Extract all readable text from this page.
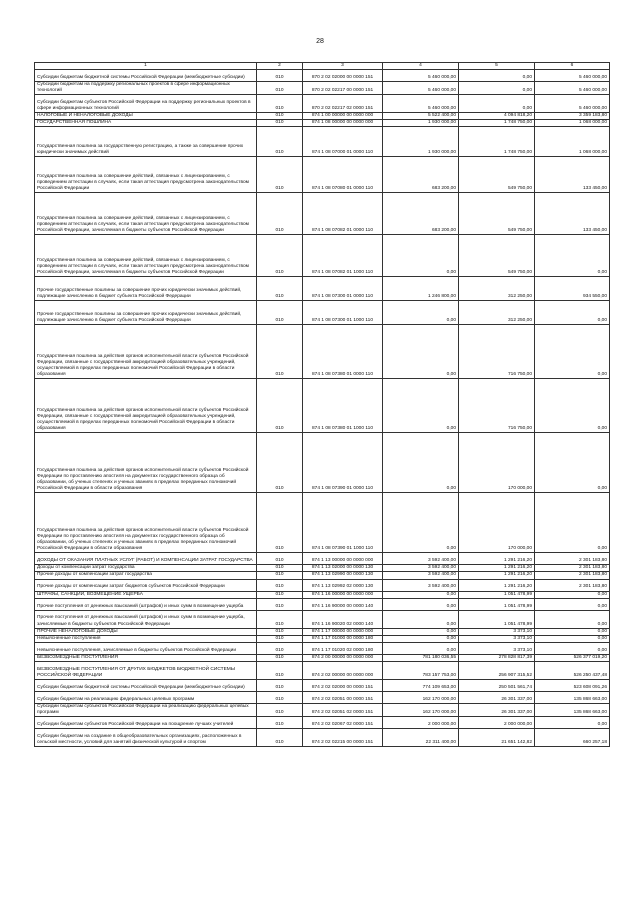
28
1	2	3	4	5	6
Субсидии бюджетам бюджетной системы Российской Федерации (межбюджетные субсидии)	010	870 2 02 02000 00 0000 151	5 460 000,00	0,00	5 460 000,00
Субсидии бюджетам на поддержку региональных проектов в сфере информационных технологий	010	870 2 02 02217 00 0000 151	5 460 000,00	0,00	5 460 000,00
Субсидии бюджетам субъектов Российской Федерации на поддержку региональных проектов в сфере информационных технологий	010	870 2 02 02217 02 0000 151	5 460 000,00	0,00	5 460 000,00
НАЛОГОВЫЕ И НЕНАЛОГОВЫЕ ДОХОДЫ	010	874 1 00 00000 00 0000 000	5 522 400,00	4 094 818,20	3 359 183,80
ГОСУДАРСТВЕННАЯ ПОШЛИНА	010	874 1 08 00000 00 0000 000	1 930 000,00	1 748 750,00	1 068 000,00
Государственная пошлина за государственную регистрацию, а также за совершение прочих юридически значимых действий	010	874 1 08 07000 01 0000 110	1 930 000,00	1 748 750,00	1 068 000,00
Государственная пошлина за совершение действий, связанных с лицензированием, с проведением аттестации в случаях, если такая аттестация предусмотрена законодательством Российской Федерации	010	874 1 08 07080 01 0000 110	683 200,00	549 750,00	133 450,00
Государственная пошлина за совершение действий, связанных с лицензированием, с проведением аттестации в случаях, если такая аттестация предусмотрена законодательством Российской Федерации, зачисляемая в бюджеты субъектов Российской Федерации	010	874 1 08 07082 01 0000 110	683 200,00	549 750,00	133 450,00
Государственная пошлина за совершение действий, связанных с лицензированием, с проведением аттестации в случаях, если такая аттестация предусмотрена законодательством Российской Федерации, зачисляемая в бюджеты субъектов Российской Федерации	010	874 1 08 07082 01 1000 110	0,00	549 750,00	0,00
Прочие государственные пошлины за совершение прочих юридически значимых действий, подлежащие зачислению в бюджет субъекта Российской Федерации	010	874 1 08 07300 01 0000 110	1 246 800,00	312 250,00	934 550,00
Прочие государственные пошлины за совершение прочих юридически значимых действий, подлежащие зачислению в бюджет субъекта Российской Федерации	010	874 1 08 07300 01 1000 110	0,00	312 250,00	0,00
Государственная пошлина за действия органов исполнительной власти субъектов Российской Федерации, связанные с государственной аккредитацией образовательных учреждений, осуществляемой в пределах переданных полномочий Российской Федерации в области образования	010	874 1 08 07380 01 0000 110	0,00	716 750,00	0,00
Государственная пошлина за действия органов исполнительной власти субъектов Российской Федерации, связанные с государственной аккредитацией образовательных учреждений, осуществляемой в пределах переданных полномочий Российской Федерации в области образования	010	874 1 08 07380 01 1000 110	0,00	716 750,00	0,00
Государственная пошлина за действия органов исполнительной власти субъектов Российской Федерации по проставлению апостиля на документах государственного образца об образовании, об ученых степенях и ученых званиях в пределах переданных полномочий Российской Федерации в области образования	010	874 1 08 07390 01 0000 110	0,00	170 000,00	0,00
Государственная пошлина за действия органов исполнительной власти субъектов Российской Федерации по проставлению апостиля на документах государственного образца об образовании, об ученых степенях и ученых званиях в пределах переданных полномочий Российской Федерации в области образования	010	874 1 08 07390 01 1000 110	0,00	170 000,00	0,00
ДОХОДЫ ОТ ОКАЗАНИЯ ПЛАТНЫХ УСЛУГ (РАБОТ) И КОМПЕНСАЦИИ ЗАТРАТ ГОСУДАРСТВА	010	874 1 13 00000 00 0000 000	3 592 400,00	1 291 216,20	2 301 183,80
Доходы от компенсации затрат государства	010	874 1 13 02000 00 0000 130	3 592 400,00	1 291 216,20	2 301 183,80
Прочие доходы от компенсации затрат государства	010	874 1 13 02990 00 0000 130	3 592 400,00	1 291 216,20	2 301 183,80
Прочие доходы от компенсации затрат бюджетов субъектов Российской Федерации	010	874 1 13 02992 02 0000 130	3 592 400,00	1 291 216,20	2 301 183,80
ШТРАФЫ, САНКЦИИ, ВОЗМЕЩЕНИЕ УЩЕРБА	010	874 1 16 00000 00 0000 000	0,00	1 051 478,99	0,00
Прочие поступления от денежных взысканий (штрафов) и иных сумм в возмещение ущерба	010	874 1 16 90000 00 0000 140	0,00	1 051 478,99	0,00
Прочие поступления от денежных взысканий (штрафов) и иных сумм в возмещение ущерба, зачисляемые в бюджеты субъектов Российской Федерации	010	874 1 16 90020 02 0000 140	0,00	1 051 478,99	0,00
ПРОЧИЕ НЕНАЛОГОВЫЕ ДОХОДЫ	010	874 1 17 00000 00 0000 000	0,00	3 373,10	0,00
Невыясненные поступления	010	874 1 17 01000 00 0000 180	0,00	3 373,10	0,00
Невыясненные поступления, зачисляемые в бюджеты субъектов Российской Федерации	010	874 1 17 01020 02 0000 180	0,00	3 373,10	0,00
БЕЗВОЗМЕЗДНЫЕ ПОСТУПЛЕНИЯ	010	874 2 00 00000 00 0000 000	781 180 036,55	278 828 817,39	526 377 019,20
БЕЗВОЗМЕЗДНЫЕ ПОСТУПЛЕНИЯ ОТ ДРУГИХ БЮДЖЕТОВ БЮДЖЕТНОЙ СИСТЕМЫ РОССИЙСКОЙ ФЕДЕРАЦИИ	010	874 2 02 00000 00 0000 000	783 157 753,00	256 907 315,52	526 250 437,48
Субсидии бюджетам бюджетной системы Российской Федерации (межбюджетные субсидии)	010	874 2 02 02000 00 0000 151	774 109 653,00	250 501 561,74	523 608 091,26
Субсидии бюджетам на реализацию федеральных целевых программ	010	874 2 02 02051 00 0000 151	162 170 000,00	26 301 337,00	135 868 663,00
Субсидии бюджетам субъектов Российской Федерации на реализацию федеральных целевых программ	010	874 2 02 02051 02 0000 151	162 170 000,00	26 301 337,00	135 868 663,00
Субсидии бюджетам субъектов Российской Федерации на поощрение лучших учителей	010	874 2 02 02067 02 0000 151	2 000 000,00	2 000 000,00	0,00
Субсидии бюджетам на создание в общеобразовательных организациях, расположенных в сельской местности, условий для занятий физической культурой и спортом	010	874 2 02 02215 00 0000 151	22 311 400,00	21 651 142,82	660 257,18
